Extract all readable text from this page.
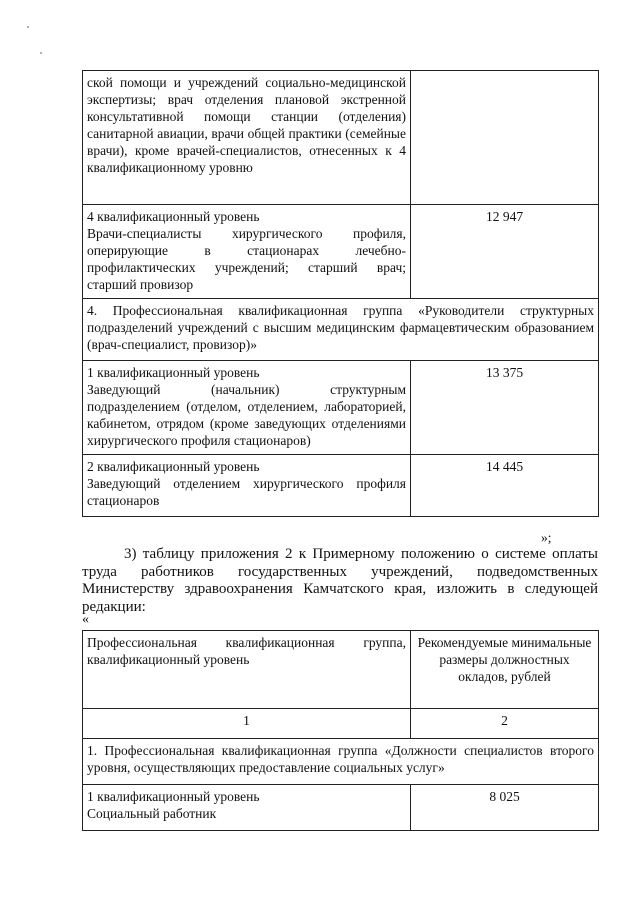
ской помощи и учреждений социально-медицинской экспертизы; врач отделения плановой экстренной консультативной помощи станции (отделения) санитарной авиации, врачи общей практики (семейные врачи), кроме врачей-специалистов, отнесенных к 4 квалификационному уровню	
4 квалификационный уровень
Врачи-специалисты хирургического профиля, оперирующие в стационарах лечебно-профилактических учреждений; старший врач; старший провизор	12 947
4. Профессиональная квалификационная группа «Руководители структурных подразделений учреждений с высшим медицинским фармацевтическим образованием (врач-специалист, провизор)»	
1 квалификационный уровень
Заведующий (начальник) структурным подразделением (отделом, отделением, лабораторией, кабинетом, отрядом (кроме заведующих отделениями хирургического профиля стационаров)	13 375
2 квалификационный уровень
Заведующий отделением хирургического профиля стационаров	14 445
»;

3) таблицу приложения 2 к Примерному положению о системе оплаты труда работников государственных учреждений, подведомственных Министерству здравоохранения Камчатского края, изложить в следующей редакции:

«
Профессиональная квалификационная группа, квалификационный уровень	Рекомендуемые минимальные размеры должностных окладов, рублей
1	2
1. Профессиональная квалификационная группа «Должности специалистов второго уровня, осуществляющих предоставление социальных услуг»	
1 квалификационный уровень
Социальный работник	8 025
